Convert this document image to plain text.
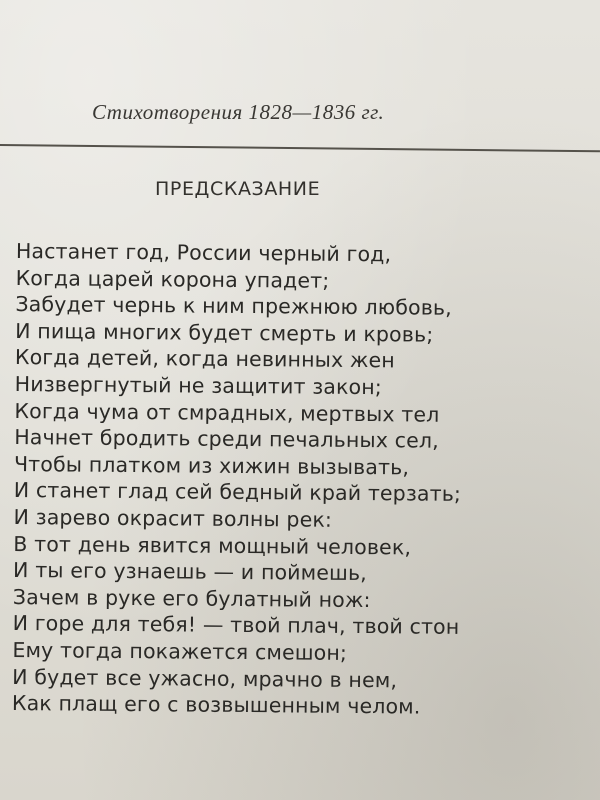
Стихотворения 1828—1836 гг.
ПРЕДСКАЗАНИЕ
Настанет год, России черный год,
Когда царей корона упадет;
Забудет чернь к ним прежнюю любовь,
И пища многих будет смерть и кровь;
Когда детей, когда невинных жен
Низвергнутый не защитит закон;
Когда чума от смрадных, мертвых тел
Начнет бродить среди печальных сел,
Чтобы платком из хижин вызывать,
И станет глад сей бедный край терзать;
И зарево окрасит волны рек:
В тот день явится мощный человек,
И ты его узнаешь — и поймешь,
Зачем в руке его булатный нож:
И горе для тебя! — твой плач, твой стон
Ему тогда покажется смешон;
И будет все ужасно, мрачно в нем,
Как плащ его с возвышенным челом.
